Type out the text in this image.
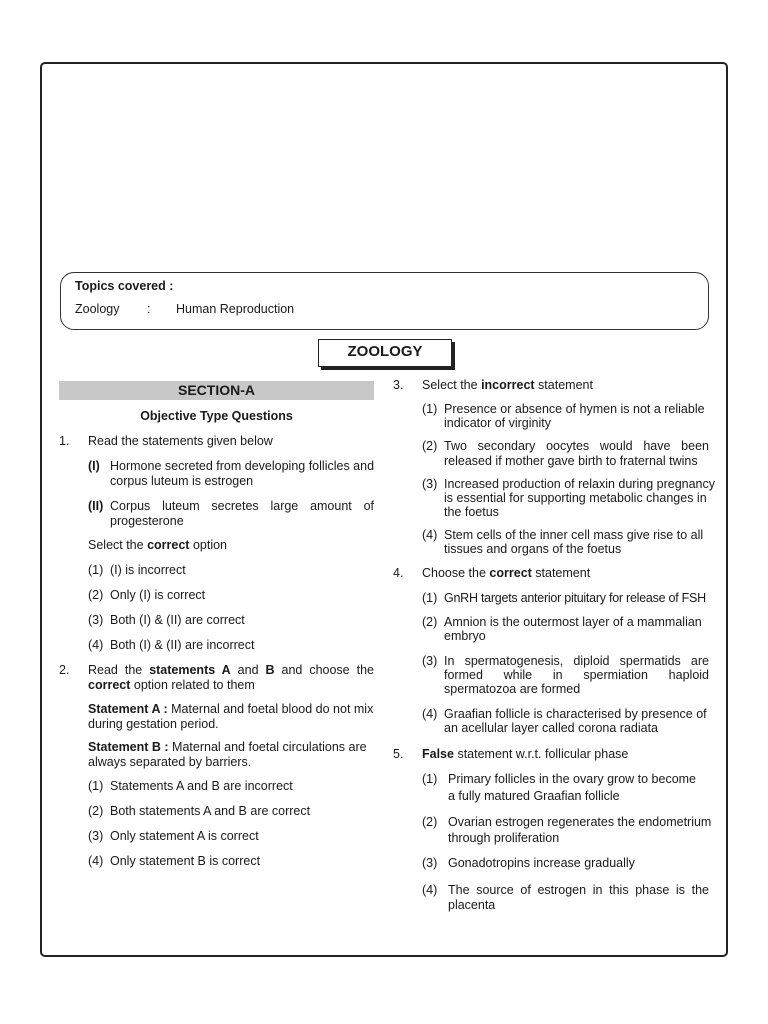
Topics covered :
Zoology : Human Reproduction
ZOOLOGY
SECTION-A
Objective Type Questions
1. Read the statements given below
(I) Hormone secreted from developing follicles and
corpus luteum is estrogen
(II) Corpus luteum secretes large amount of
progesterone
Select the correct option
(1) (I) is incorrect
(2) Only (I) is correct
(3) Both (I) & (II) are correct
(4) Both (I) & (II) are incorrect
2. Read the statements A and B and choose the
correct option related to them
Statement A : Maternal and foetal blood do not mix
during gestation period.
Statement B : Maternal and foetal circulations are
always separated by barriers.
(1) Statements A and B are incorrect
(2) Both statements A and B are correct
(3) Only statement A is correct
(4) Only statement B is correct
3. Select the incorrect statement
(1) Presence or absence of hymen is not a reliable
indicator of virginity
(2) Two secondary oocytes would have been
released if mother gave birth to fraternal twins
(3) Increased production of relaxin during pregnancy
is essential for supporting metabolic changes in
the foetus
(4) Stem cells of the inner cell mass give rise to all
tissues and organs of the foetus
4. Choose the correct statement
(1) GnRH targets anterior pituitary for release of FSH
(2) Amnion is the outermost layer of a mammalian
embryo
(3) In spermatogenesis, diploid spermatids are
formed while in spermiation haploid
spermatozoa are formed
(4) Graafian follicle is characterised by presence of
an acellular layer called corona radiata
5. False statement w.r.t. follicular phase
(1) Primary follicles in the ovary grow to become
a fully matured Graafian follicle
(2) Ovarian estrogen regenerates the endometrium
through proliferation
(3) Gonadotropins increase gradually
(4) The source of estrogen in this phase is the
placenta
